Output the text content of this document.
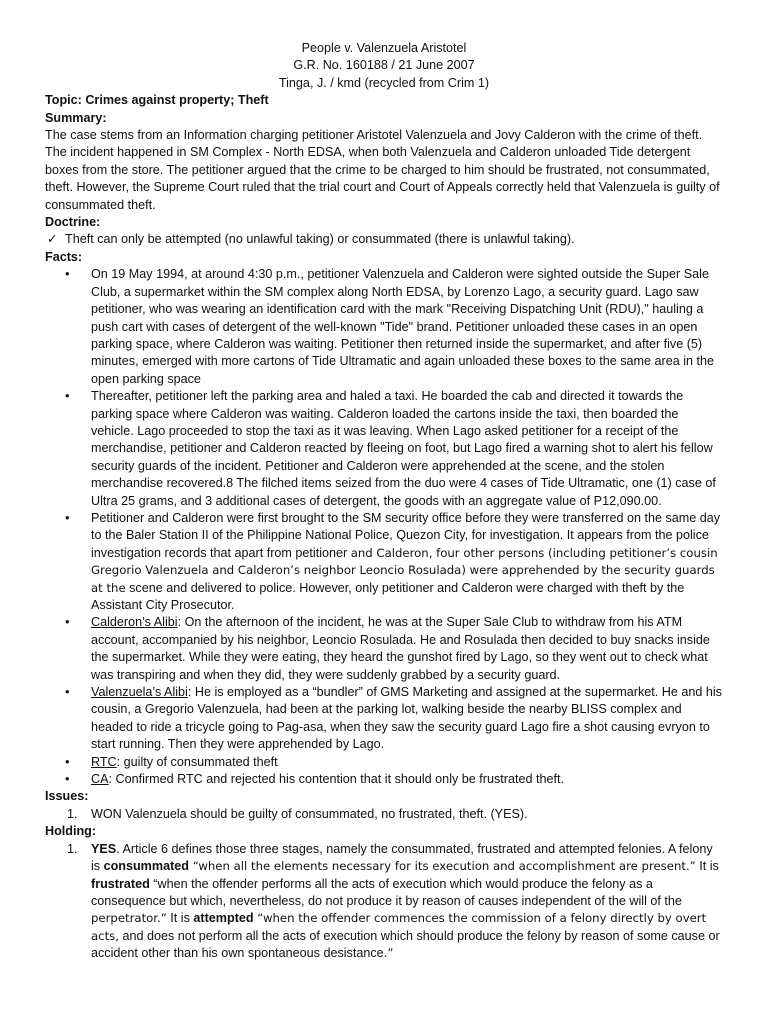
People v. Valenzuela Aristotel
G.R. No. 160188 / 21 June 2007
Tinga, J. / kmd (recycled from Crim 1)

Topic: Crimes against property; Theft

Summary:

The case stems from an Information charging petitioner Aristotel Valenzuela and Jovy Calderon with the crime of theft. The incident happened in SM Complex - North EDSA, when both Valenzuela and Calderon unloaded Tide detergent boxes from the store. The petitioner argued that the crime to be charged to him should be frustrated, not consummated, theft. However, the Supreme Court ruled that the trial court and Court of Appeals correctly held that Valenzuela is guilty of consummated theft.

Doctrine:

✓ Theft can only be attempted (no unlawful taking) or consummated (there is unlawful taking).

Facts:

• On 19 May 1994, at around 4:30 p.m., petitioner Valenzuela and Calderon were sighted outside the Super Sale Club, a supermarket within the SM complex along North EDSA, by Lorenzo Lago, a security guard. Lago saw petitioner, who was wearing an identification card with the mark "Receiving Dispatching Unit (RDU)," hauling a push cart with cases of detergent of the well-known "Tide" brand. Petitioner unloaded these cases in an open parking space, where Calderon was waiting. Petitioner then returned inside the supermarket, and after five (5) minutes, emerged with more cartons of Tide Ultramatic and again unloaded these boxes to the same area in the open parking space
• Thereafter, petitioner left the parking area and haled a taxi. He boarded the cab and directed it towards the parking space where Calderon was waiting. Calderon loaded the cartons inside the taxi, then boarded the vehicle. Lago proceeded to stop the taxi as it was leaving. When Lago asked petitioner for a receipt of the merchandise, petitioner and Calderon reacted by fleeing on foot, but Lago fired a warning shot to alert his fellow security guards of the incident. Petitioner and Calderon were apprehended at the scene, and the stolen merchandise recovered.8 The filched items seized from the duo were 4 cases of Tide Ultramatic, one (1) case of Ultra 25 grams, and 3 additional cases of detergent, the goods with an aggregate value of P12,090.00.
• Petitioner and Calderon were first brought to the SM security office before they were transferred on the same day to the Baler Station II of the Philippine National Police, Quezon City, for investigation. It appears from the police investigation records that apart from petitioner and Calderon, four other persons (including petitioner’s cousin Gregorio Valenzuela and Calderon’s neighbor Leoncio Rosulada) were apprehended by the security guards at the scene and delivered to police. However, only petitioner and Calderon were charged with theft by the Assistant City Prosecutor.
• Calderon’s Alibi: On the afternoon of the incident, he was at the Super Sale Club to withdraw from his ATM account, accompanied by his neighbor, Leoncio Rosulada. He and Rosulada then decided to buy snacks inside the supermarket. While they were eating, they heard the gunshot fired by Lago, so they went out to check what was transpiring and when they did, they were suddenly grabbed by a security guard.
• Valenzuela’s Alibi: He is employed as a “bundler” of GMS Marketing and assigned at the supermarket. He and his cousin, a Gregorio Valenzuela, had been at the parking lot, walking beside the nearby BLISS complex and headed to ride a tricycle going to Pag-asa, when they saw the security guard Lago fire a shot causing evryon to start running. Then they were apprehended by Lago.
• RTC: guilty of consummated theft
• CA: Confirmed RTC and rejected his contention that it should only be frustrated theft.

Issues:

1. WON Valenzuela should be guilty of consummated, no frustrated, theft. (YES).

Holding:

1. YES. Article 6 defines those three stages, namely the consummated, frustrated and attempted felonies. A felony is consummated “when all the elements necessary for its execution and accomplishment are present.” It is frustrated “when the offender performs all the acts of execution which would produce the felony as a consequence but which, nevertheless, do not produce it by reason of causes independent of the will of the perpetrator.” It is attempted “when the offender commences the commission of a felony directly by overt acts, and does not perform all the acts of execution which should produce the felony by reason of some cause or accident other than his own spontaneous desistance.”
